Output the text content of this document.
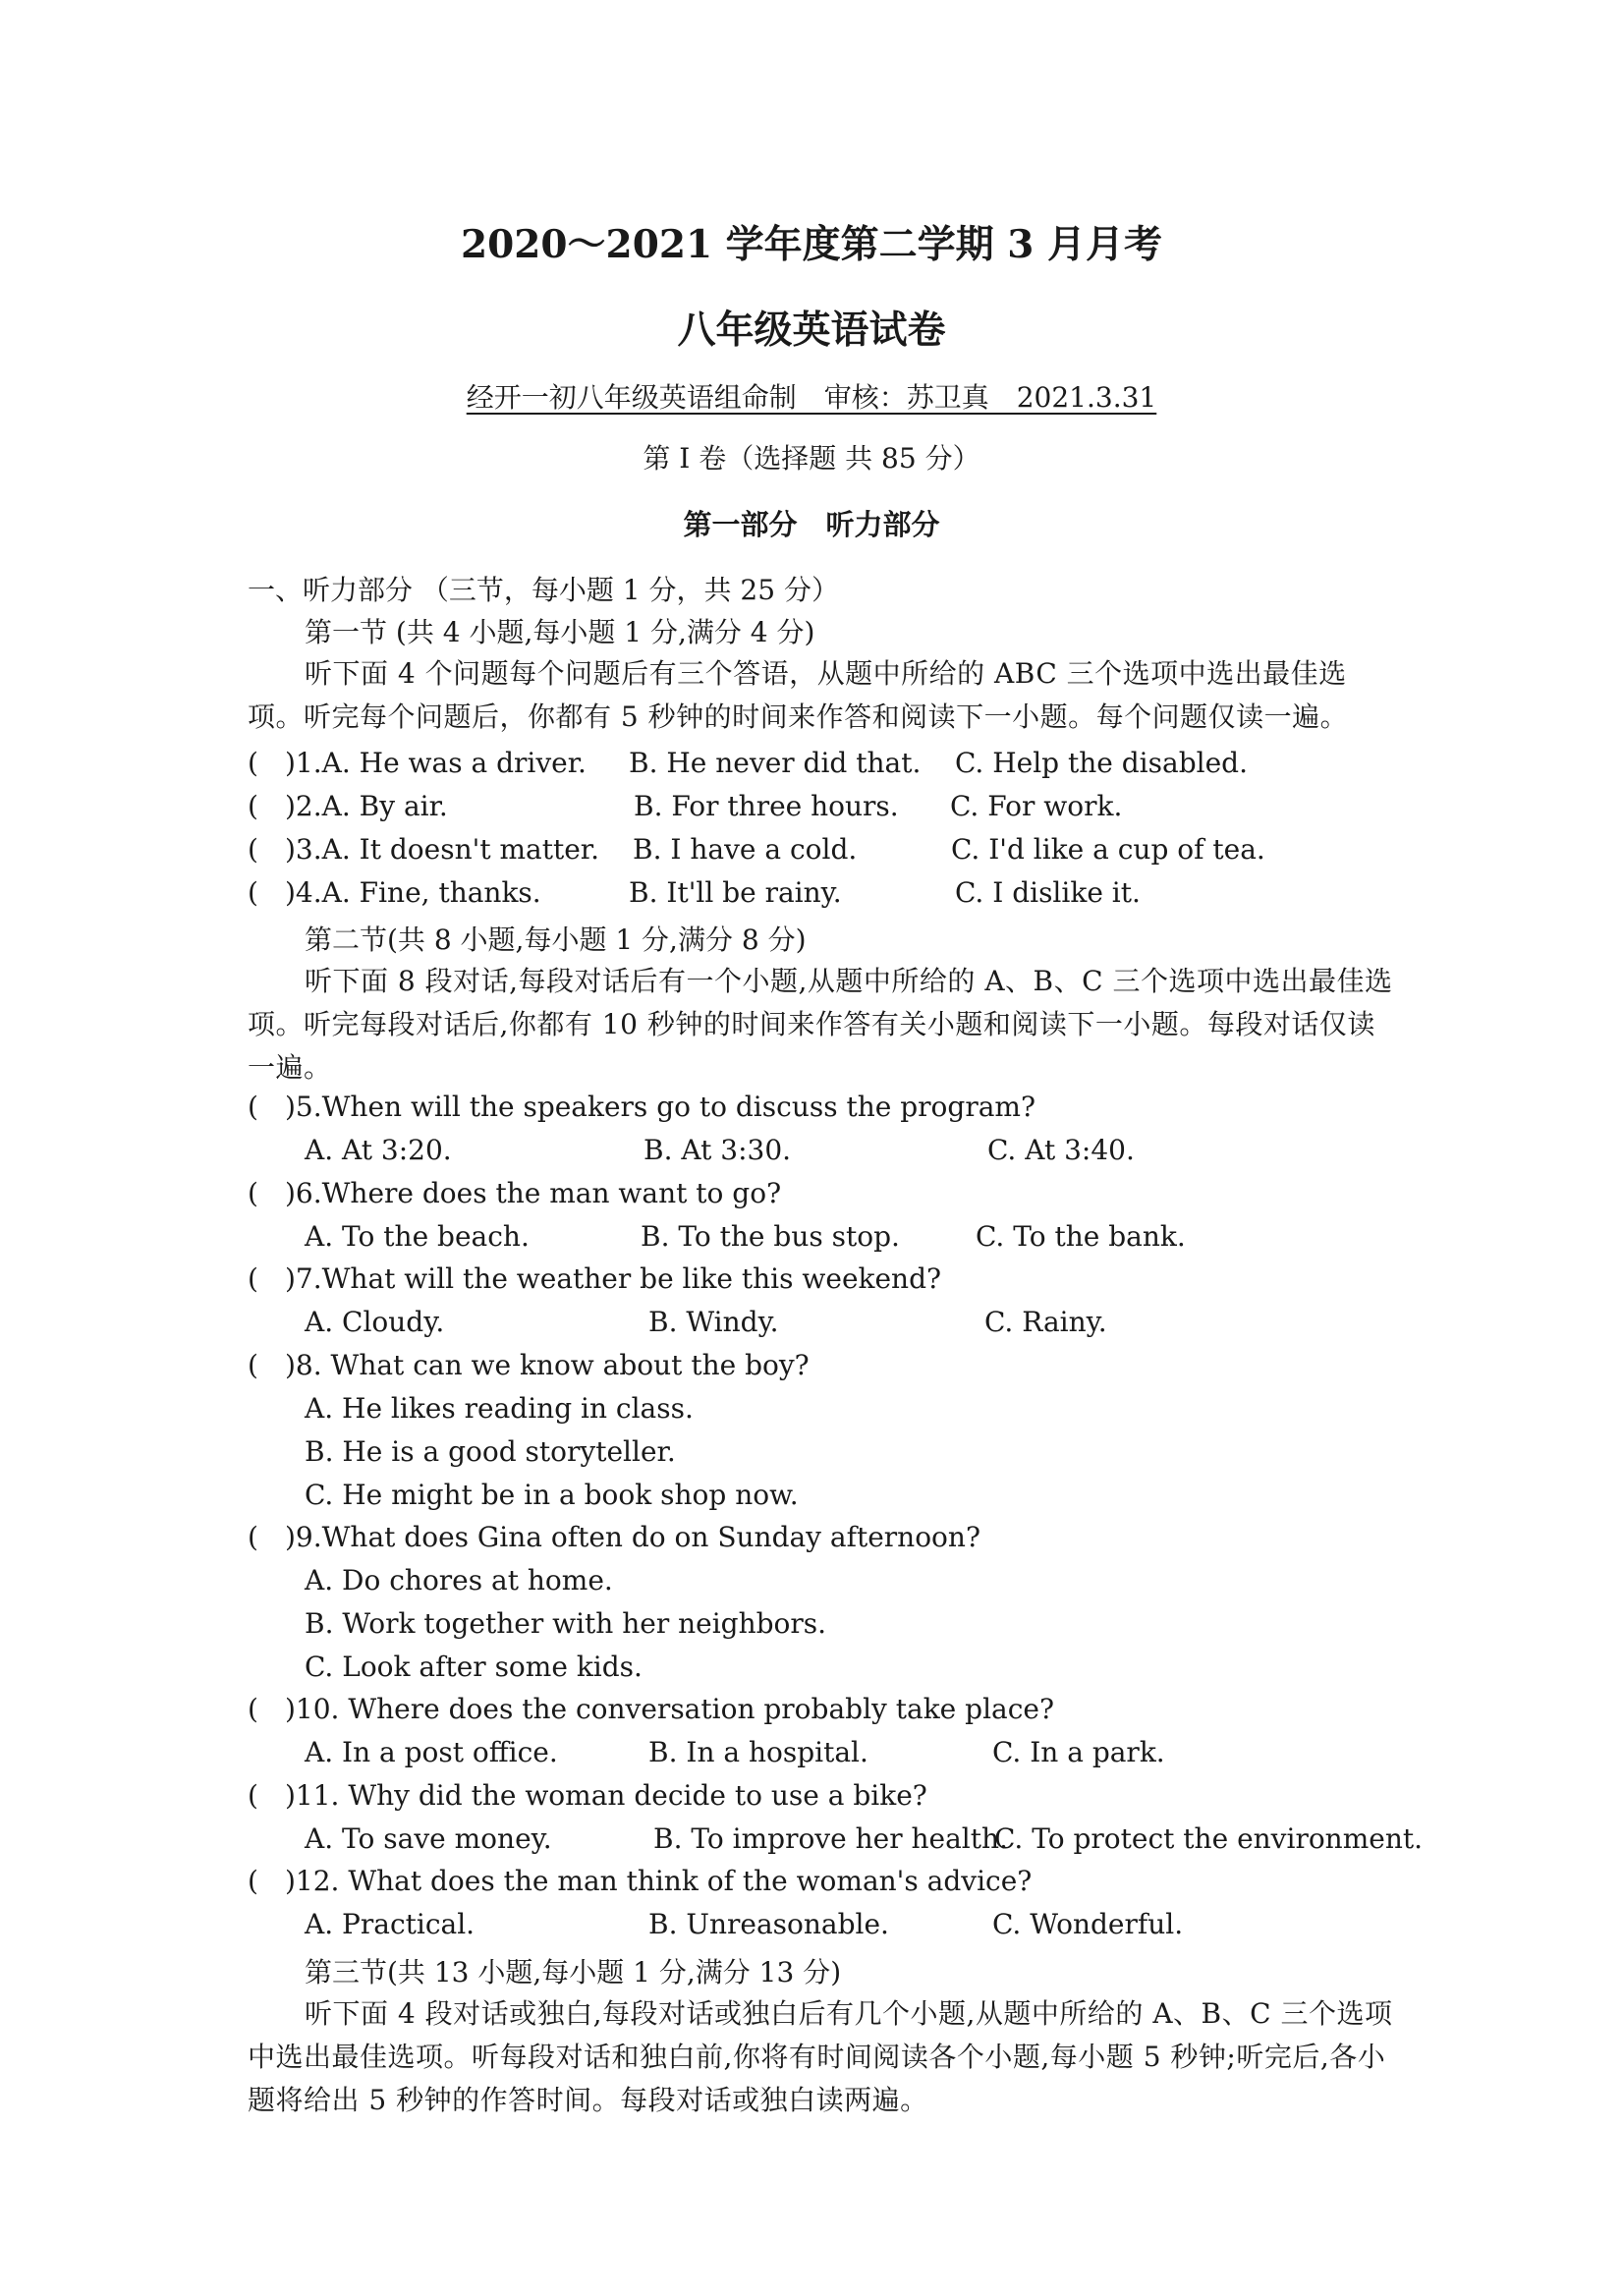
2020～2021 学年度第二学期 3 月月考
八年级英语试卷
经开一初八年级英语组命制　审核：苏卫真　2021.3.31
第 I 卷（选择题 共 85 分）
第一部分　听力部分
一、听力部分 （三节，每小题 1 分，共 25 分）
第一节 (共 4 小题,每小题 1 分,满分 4 分)
听下面 4 个问题每个问题后有三个答语，从题中所给的 ABC 三个选项中选出最佳选项。听完每个问题后，你都有 5 秒钟的时间来作答和阅读下一小题。每个问题仅读一遍。
( )1.A. He was a driver. B. He never did that. C. Help the disabled.
( )2.A. By air.	B. For three hours. C. For work.
( )3.A. It doesn't matter. B. I have a cold.	C. I'd like a cup of tea.
( )4.A. Fine, thanks.	B. It'll be rainy.	C. I dislike it.
第二节(共 8 小题,每小题 1 分,满分 8 分)
听下面 8 段对话,每段对话后有一个小题,从题中所给的 A、B、C 三个选项中选出最佳选项。听完每段对话后,你都有 10 秒钟的时间来作答有关小题和阅读下一小题。每段对话仅读一遍。
( )5.When will the speakers go to discuss the program?
A. At 3:20.	B. At 3:30.	C. At 3:40.
( )6.Where does the man want to go?
A. To the beach.	B. To the bus stop.	C. To the bank.
( )7.What will the weather be like this weekend?
A. Cloudy.	B. Windy.	C. Rainy.
( )8. What can we know about the boy?
A. He likes reading in class.
B. He is a good storyteller.
C. He might be in a book shop now.
( )9.What does Gina often do on Sunday afternoon?
A. Do chores at home.
B. Work together with her neighbors.
C. Look after some kids.
( )10. Where does the conversation probably take place?
A. In a post office.	B. In a hospital.	C. In a park.
( )11. Why did the woman decide to use a bike?
A. To save money.	B. To improve her health.
C. To protect the environment.
( )12. What does the man think of the woman's advice?
A. Practical.	B. Unreasonable.	C. Wonderful.
第三节(共 13 小题,每小题 1 分,满分 13 分)
听下面 4 段对话或独白,每段对话或独白后有几个小题,从题中所给的 A、B、C 三个选项中选出最佳选项。听每段对话和独白前,你将有时间阅读各个小题,每小题 5 秒钟;听完后,各小题将给出 5 秒钟的作答时间。每段对话或独白读两遍。
